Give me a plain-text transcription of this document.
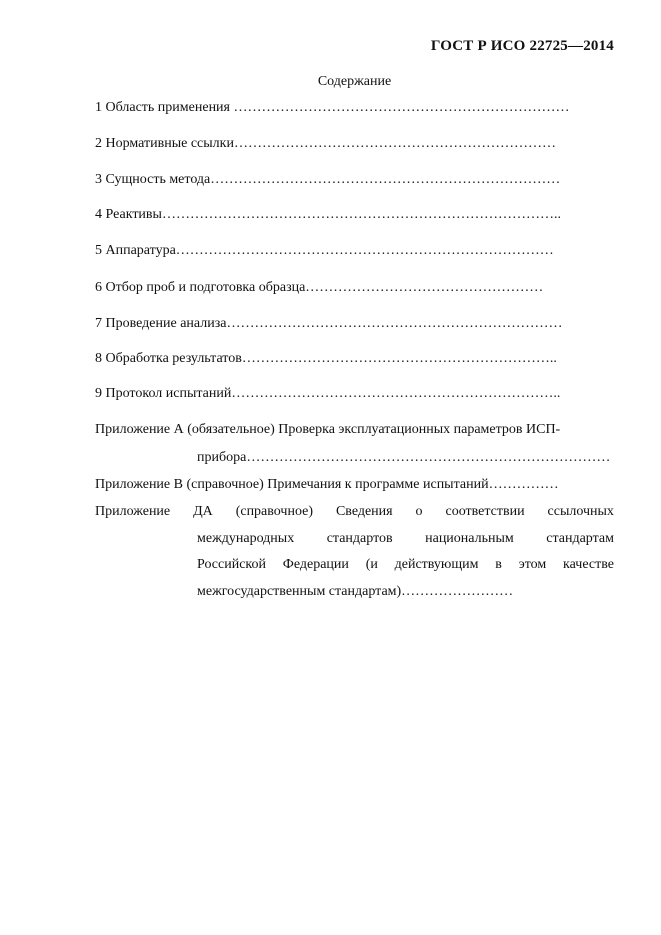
ГОСТ Р ИСО 22725—2014
Содержание
1 Область применения ………………………………………………………………
2 Нормативные ссылки……………………………………………………………
3 Сущность метода…………………………………………………………………
4 Реактивы…………………………………………………………………………..
5 Аппаратура………………………………………………………………………
6 Отбор проб и подготовка образца……………………………………………
7 Проведение анализа………………………………………………………………
8 Обработка результатов…………………………………………………………..
9 Протокол испытаний……………………………………………………………..
Приложение А (обязательное) Проверка эксплуатационных параметров ИСП-
прибора……………………………………………………………………
Приложение В (справочное) Примечания к программе испытаний……………
Приложение ДА (справочное) Сведения о соответствии ссылочных
международных стандартов национальным стандартам
Российской Федерации (и действующим в этом качестве
межгосударственным стандартам)……………………
